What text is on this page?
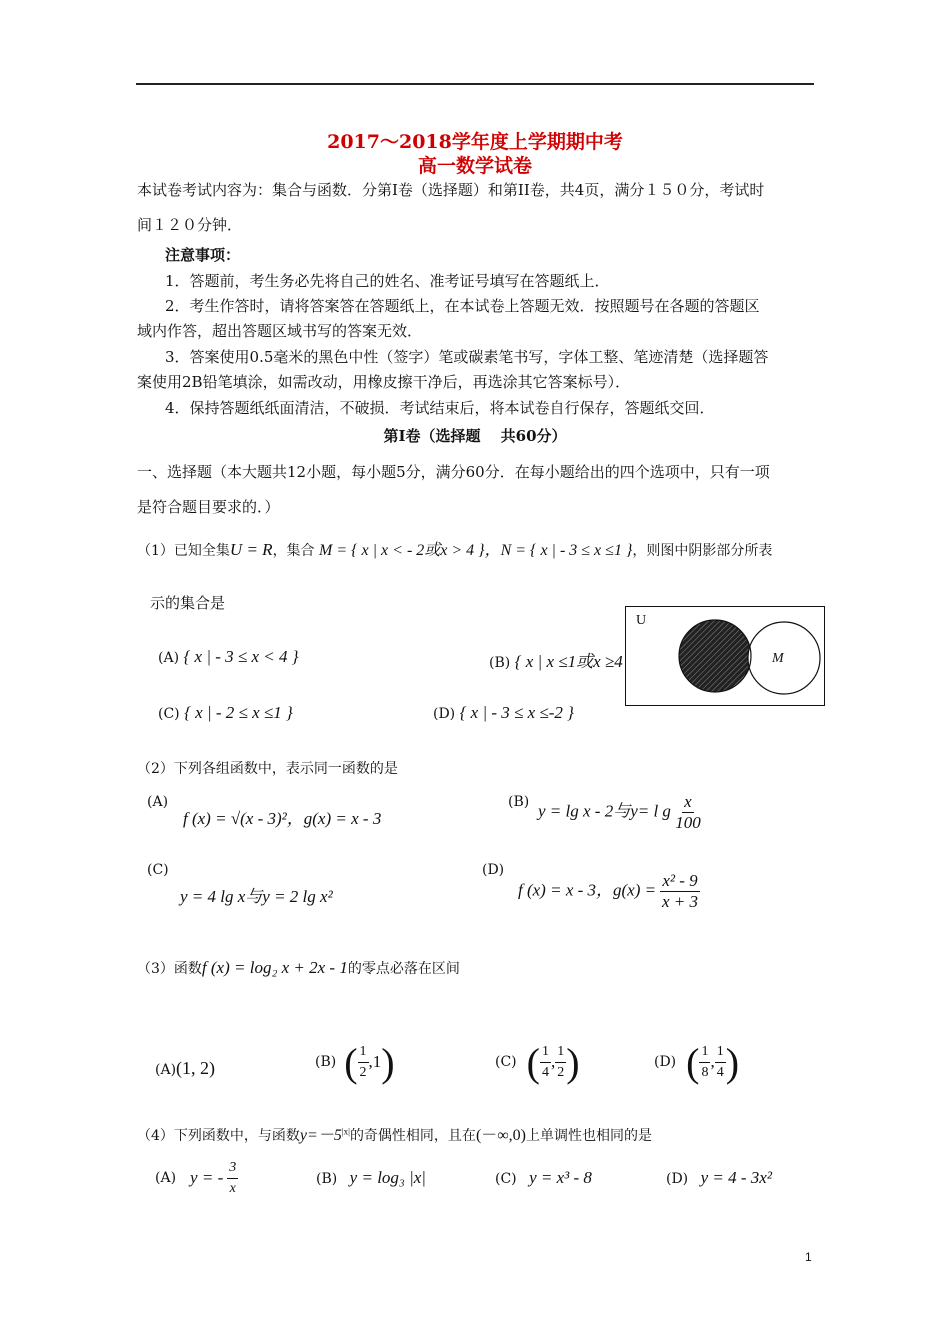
2017～2018学年度上学期期中考
高一数学试卷
本试卷考试内容为：集合与函数．分第I卷（选择题）和第II卷，共4页，满分１５０分，考试时
间１２０分钟．
注意事项：
1．答题前，考生务必先将自己的姓名、准考证号填写在答题纸上．
2．考生作答时，请将答案答在答题纸上，在本试卷上答题无效．按照题号在各题的答题区
域内作答，超出答题区域书写的答案无效．
3．答案使用0.5毫米的黑色中性（签字）笔或碳素笔书写，字体工整、笔迹清楚（选择题答
案使用2B铅笔填涂，如需改动，用橡皮擦干净后，再选涂其它答案标号）．
4．保持答题纸纸面清洁，不破损．考试结束后，将本试卷自行保存，答题纸交回．
第I卷（选择题　 共60分）
一、选择题（本大题共12小题，每小题5分，满分60分．在每小题给出的四个选项中，只有一项
是符合题目要求的．）
（1）已知全集U = R，集合 M = { x | x < - 2或x > 4 }，N = { x | - 3 ≤ x ≤1 }，则图中阴影部分所表
示的集合是
(A) { x | - 3 ≤ x < 4 }	(B) { x | x ≤1或x ≥4
(C) { x | - 2 ≤ x ≤1 }	(D) { x | - 3 ≤ x ≤-2 }
U
M
（2）下列各组函数中，表示同一函数的是
(A)
f (x) = √(x - 3)²，g(x) = x - 3
(B) y = lg x - 2与y= l g $\frac{x}{100}$
(C)
y = 4 lg x与y = 2 lg x²
(D)
f (x) = x - 3，$g(x) = \frac{\text{x² - 9}}{x + 3}$
（3）函数f (x) = log₂ x + 2x - 1的零点必落在区间
(A)(1, 2)	(B) ( $\frac{1}{2} ,1$ )	(C) ( $\frac{1}{4}$ , $\frac{1}{2}$ )	(D) ( $\frac{1}{8}$ , $\frac{1}{4}$ )
（4）下列函数中，与函数$y=-5^{|x|}$的奇偶性相同，且在(－∞,0)上单调性也相同的是
(A) y = - $\frac{3}{x}$	(B) y = log₃ |x|	(C) y = x³ - 8	(D) y = 4 - 3x²
1
